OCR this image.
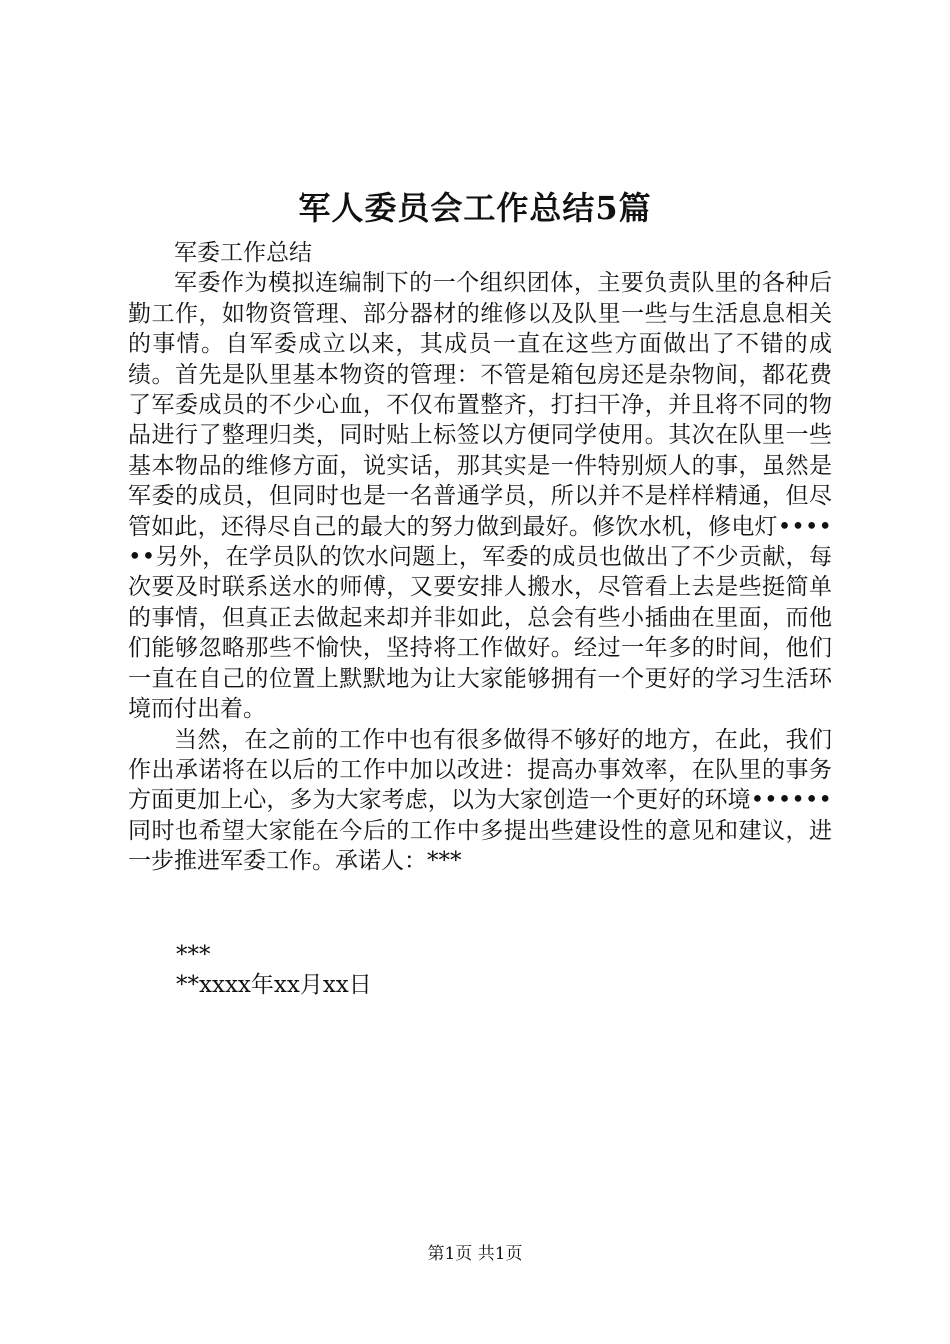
军人委员会工作总结5篇

军委工作总结

军委作为模拟连编制下的一个组织团体，主要负责队里的各种后勤工作，如物资管理、部分器材的维修以及队里一些与生活息息相关的事情。自军委成立以来，其成员一直在这些方面做出了不错的成绩。首先是队里基本物资的管理：不管是箱包房还是杂物间，都花费了军委成员的不少心血，不仅布置整齐，打扫干净，并且将不同的物品进行了整理归类，同时贴上标签以方便同学使用。其次在队里一些基本物品的维修方面，说实话，那其实是一件特别烦人的事，虽然是军委的成员，但同时也是一名普通学员，所以并不是样样精通，但尽管如此，还得尽自己的最大的努力做到最好。修饮水机，修电灯••••••另外，在学员队的饮水问题上，军委的成员也做出了不少贡献，每次要及时联系送水的师傅，又要安排人搬水，尽管看上去是些挺简单的事情，但真正去做起来却并非如此，总会有些小插曲在里面，而他们能够忽略那些不愉快，坚持将工作做好。经过一年多的时间，他们一直在自己的位置上默默地为让大家能够拥有一个更好的学习生活环境而付出着。

当然，在之前的工作中也有很多做得不够好的地方，在此，我们作出承诺将在以后的工作中加以改进：提高办事效率，在队里的事务方面更加上心，多为大家考虑，以为大家创造一个更好的环境••••••同时也希望大家能在今后的工作中多提出些建设性的意见和建议，进一步推进军委工作。承诺人：***

***
**xxxx年xx月xx日
第1页 共1页
